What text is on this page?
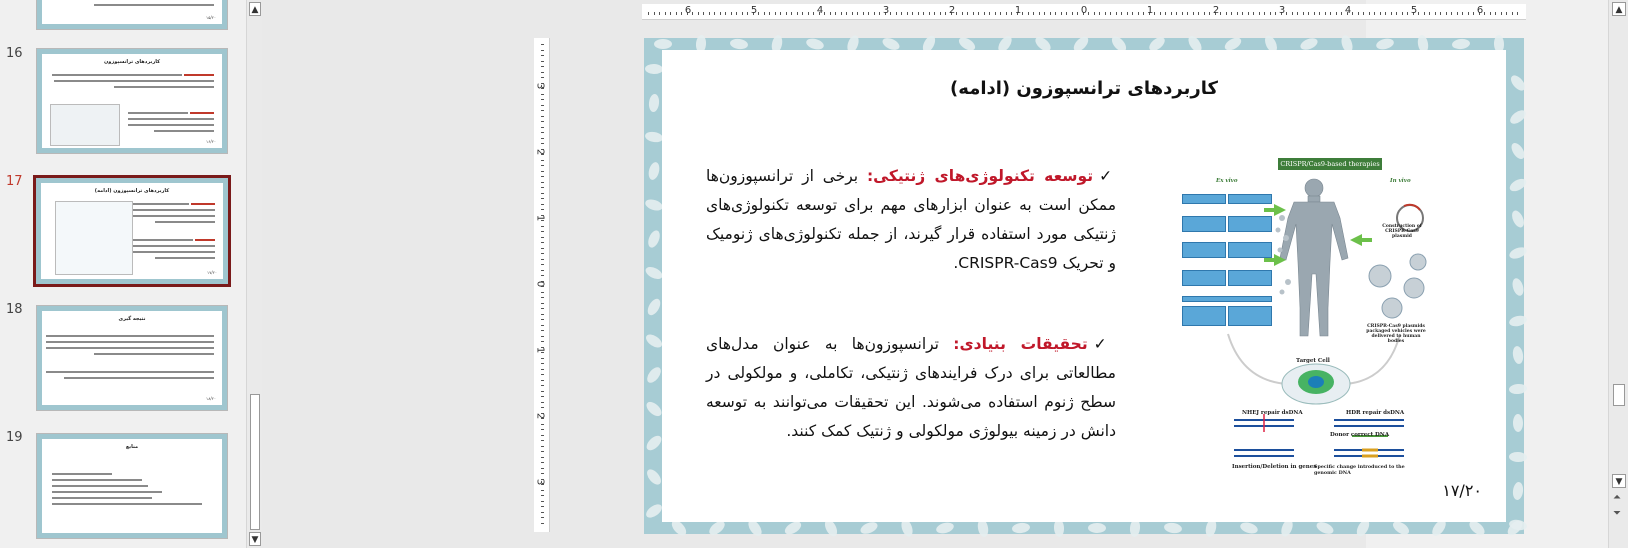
۱۵/۲۰
16
کاربردهای ترانسپوزون
۱۶/۲۰
17
کاربردهای ترانسپوزون (ادامه)
۱۷/۲۰
18
نتیجه گیری
۱۸/۲۰
19
منابع
▲
▼
6	5	4	3	2	1	0	1	2	3	4	5	6
3
2
1
0
1
2
3
کاربردهای ترانسپوزون (ادامه)
✓توسعه تکنولوژی‌های ژنتیکی: برخی از ترانسپوزون‌ها ممکن است به عنوان ابزارهای مهم برای توسعه تکنولوژی‌های ژنتیکی مورد استفاده قرار گیرند، از جمله تکنولوژی‌های ژنومیک و تحریک CRISPR-Cas9.
✓تحقیقات بنیادی: ترانسپوزون‌ها به عنوان مدل‌های مطالعاتی برای درک فرایندهای ژنتیکی، تکاملی، و مولکولی در سطح ژنوم استفاده می‌شوند. این تحقیقات می‌توانند به توسعه دانش در زمینه بیولوژی مولکولی و ژنتیک کمک کنند.
CRISPR/Cas9-based therapies
Ex vivo	In vivo
Construction of CRISPR-Cas9 plasmid
CRISPR-Cas9 plasmids packaged vehicles were delivered to human bodies
Target Cell
NHEJ repair dsDNA	HDR repair dsDNA
Donor correct DNA
Insertion/Deletion in genes
Specific change introduced to the genomic DNA
۱۷/۲۰
▲
▼
⏶
⏷
